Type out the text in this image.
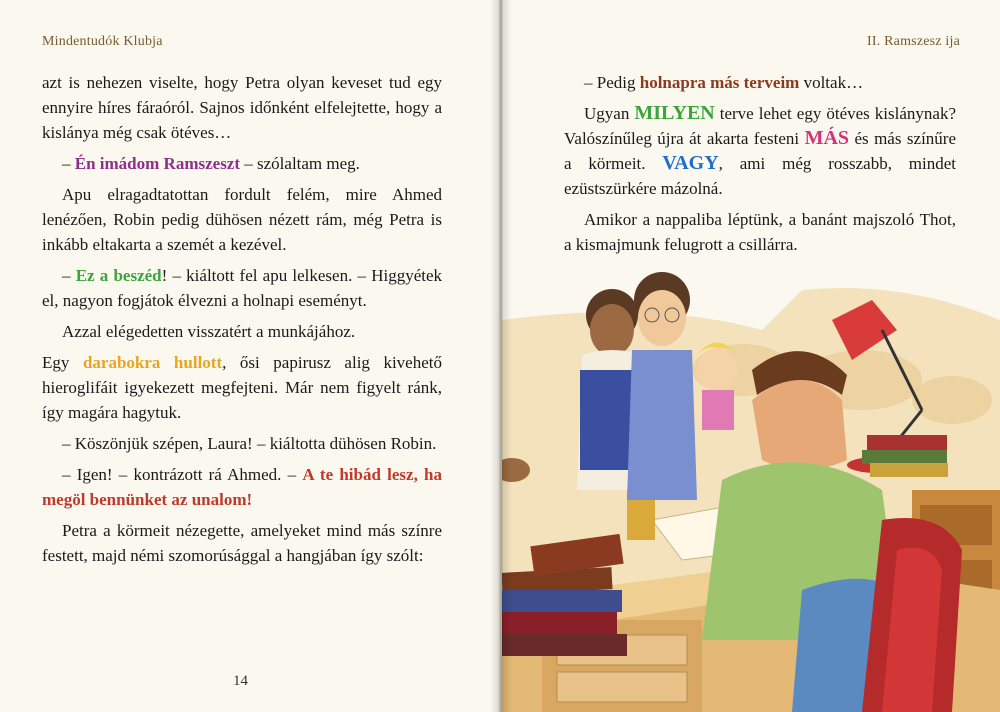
Mindentudók Klubja

azt is nehezen viselte, hogy Petra olyan keveset tud egy ennyire híres fáraóról. Sajnos időnként elfelejtette, hogy a kislánya még csak ötéves…

– Én imádom Ramszeszt – szólaltam meg.

Apu elragadtatottan fordult felém, mire Ahmed lenézően, Robin pedig dühösen nézett rám, még Petra is inkább eltakarta a szemét a kezével.

– Ez a beszéd! – kiáltott fel apu lelkesen. – Higgyétek el, nagyon fogjátok élvezni a holnapi eseményt.

Azzal elégedetten visszatért a munkájához.

Egy darabokra hullott, ősi papirusz alig kivehető hieroglifáit igyekezett megfejteni. Már nem figyelt ránk, így magára hagytuk.

– Köszönjük szépen, Laura! – kiáltotta dühösen Robin.

– Igen! – kontrázott rá Ahmed. – A te hibád lesz, ha megöl bennünket az unalom!

Petra a körmeit nézegette, amelyeket mind más színre festett, majd némi szomorúsággal a hangjában így szólt:

14
II. Ramszesz ija

– Pedig holnapra más terveim voltak…

Ugyan MILYEN terve lehet egy ötéves kislánynak? Valószínűleg újra át akarta festeni MÁS és más színűre a körmeit. VAGY, ami még rosszabb, mindet ezüstszürkére mázolná.

Amikor a nappaliba léptünk, a banánt majszoló Thot, a kismajmunk felugrott a csillárra.
